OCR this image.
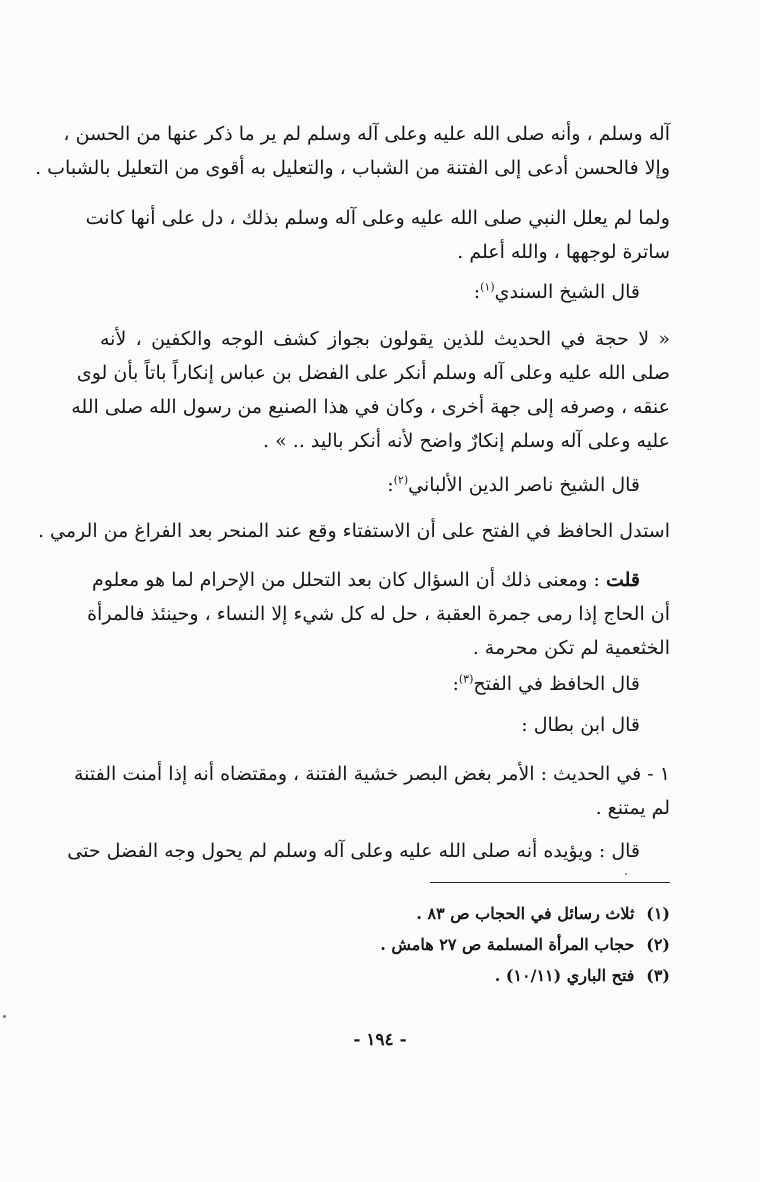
آله وسلم ، وأنه صلى الله عليه وعلى آله وسلم لم ير ما ذكر عنها من الحسن ،
وإلا فالحسن أدعى إلى الفتنة من الشباب ، والتعليل به أقوى من التعليل بالشباب .
ولما لم يعلل النبي صلى الله عليه وعلى آله وسلم بذلك ، دل على أنها كانت
ساترة لوجهها ، والله أعلم .
قال الشيخ السندي$^{(١)}$:
« لا حجة في الحديث للذين يقولون بجواز كشف الوجه والكفين ، لأنه
صلى الله عليه وعلى آله وسلم أنكر على الفضل بن عباس إنكاراً باتاً بأن لوى
عنقه ، وصرفه إلى جهة أخرى ، وكان في هذا الصنيع من رسول الله صلى الله
عليه وعلى آله وسلم إنكارٌ واضح لأنه أنكر باليد .. » .
قال الشيخ ناصر الدين الألباني$^{(٢)}$:
استدل الحافظ في الفتح على أن الاستفتاء وقع عند المنحر بعد الفراغ من الرمي .
قلت : ومعنى ذلك أن السؤال كان بعد التحلل من الإحرام لما هو معلوم
أن الحاج إذا رمى جمرة العقبة ، حل له كل شيء إلا النساء ، وحينئذ فالمرأة
الخثعمية لم تكن محرمة .
قال الحافظ في الفتح$^{(٣)}$:
قال ابن بطال :
١ - في الحديث : الأمر بغض البصر خشية الفتنة ، ومقتضاه أنه إذا أمنت الفتنة
لم يمتنع .
قال : ويؤيده أنه صلى الله عليه وعلى آله وسلم لم يحول وجه الفضل حتى
(١) ثلاث رسائل في الحجاب ص ٨٣ .
(٢) حجاب المرأة المسلمة ص ٢٧ هامش .
(٣) فتح الباري (١٠/١١) .
- ١٩٤ -
